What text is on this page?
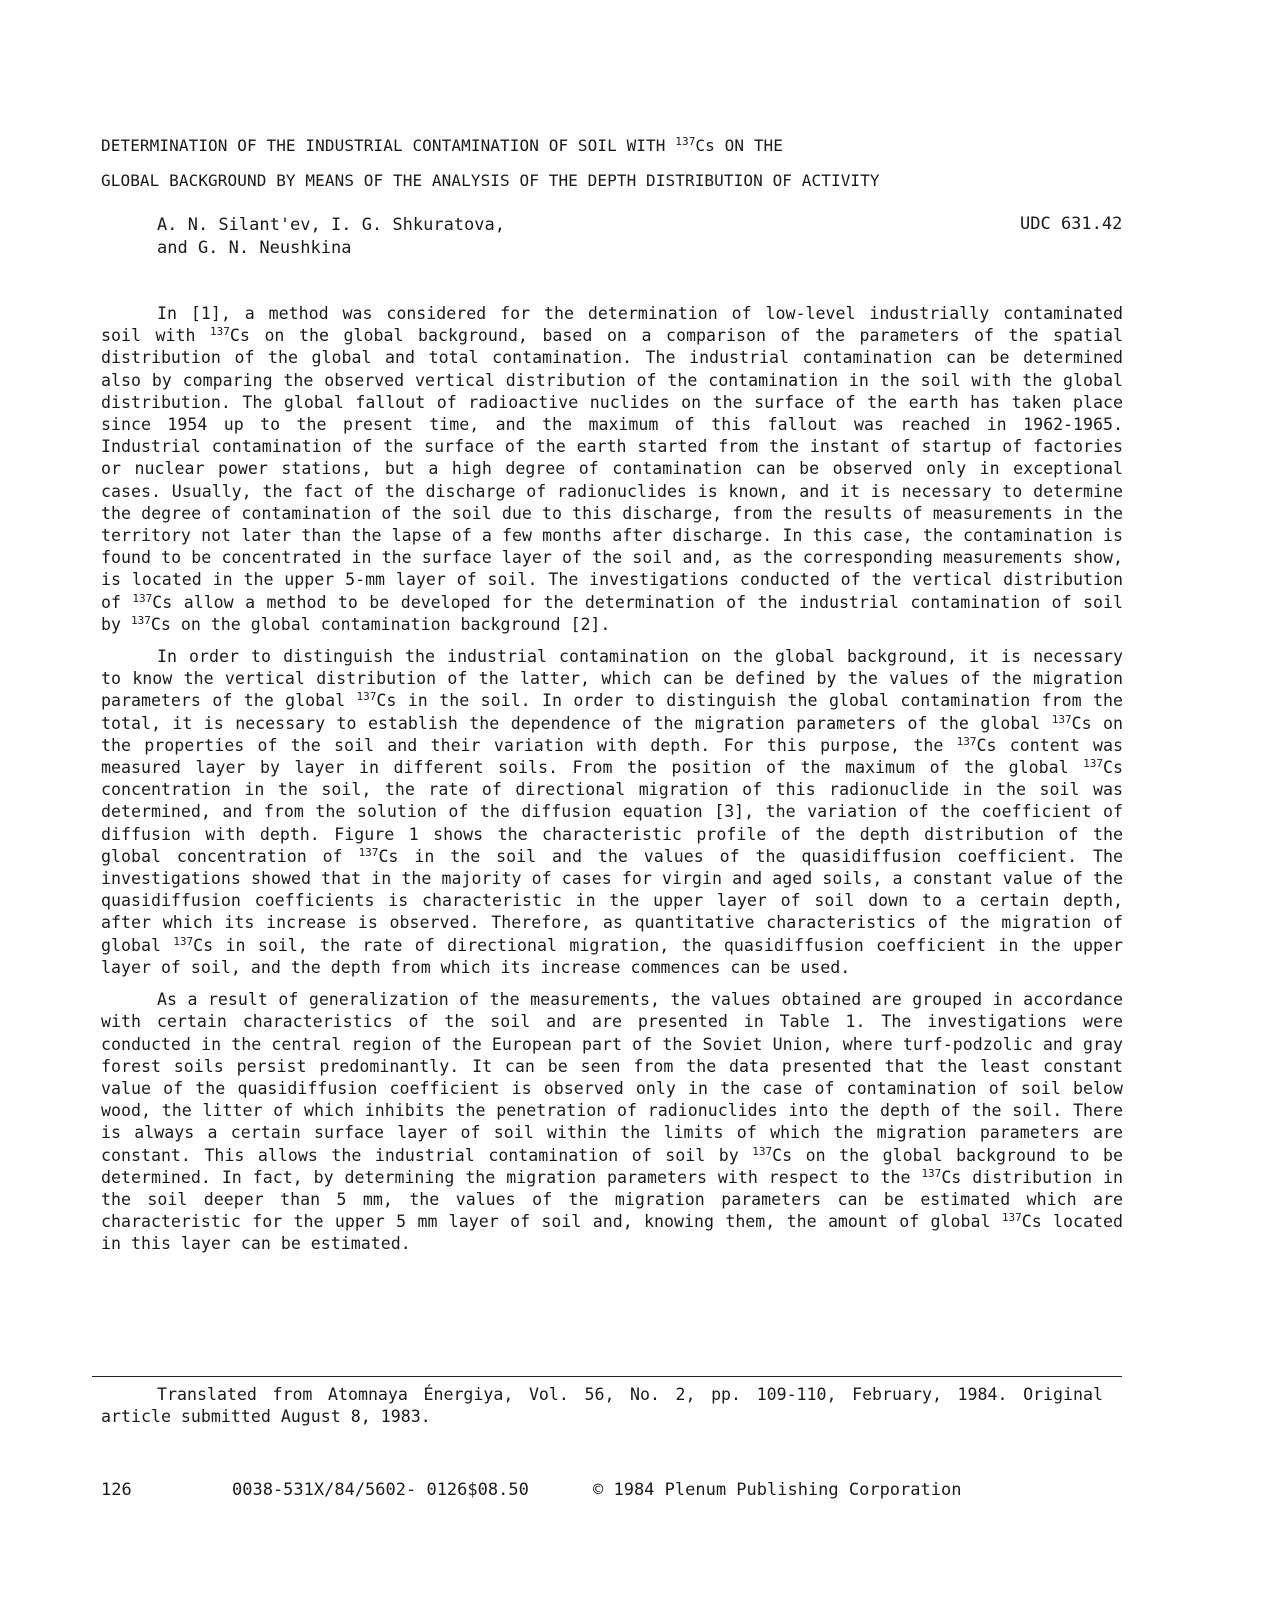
DETERMINATION OF THE INDUSTRIAL CONTAMINATION OF SOIL WITH $^{137}$Cs ON THE
GLOBAL BACKGROUND BY MEANS OF THE ANALYSIS OF THE DEPTH DISTRIBUTION OF ACTIVITY
A. N. Silant'ev, I. G. Shkuratova,
and G. N. Neushkina
UDC 631.42

In [1], a method was considered for the determination of low-level industrially contaminated soil with $^{137}$Cs on the global background, based on a comparison of the parameters of the spatial distribution of the global and total contamination. The industrial contamination can be determined also by comparing the observed vertical distribution of the contamination in the soil with the global distribution. The global fallout of radioactive nuclides on the surface of the earth has taken place since 1954 up to the present time, and the maximum of this fallout was reached in 1962-1965. Industrial contamination of the surface of the earth started from the instant of startup of factories or nuclear power stations, but a high degree of contamination can be observed only in exceptional cases. Usually, the fact of the discharge of radionuclides is known, and it is necessary to determine the degree of contamination of the soil due to this discharge, from the results of measurements in the territory not later than the lapse of a few months after discharge. In this case, the contamination is found to be concentrated in the surface layer of the soil and, as the corresponding measurements show, is located in the upper 5-mm layer of soil. The investigations conducted of the vertical distribution of $^{137}$Cs allow a method to be developed for the determination of the industrial contamination of soil by $^{137}$Cs on the global contamination background [2].

In order to distinguish the industrial contamination on the global background, it is necessary to know the vertical distribution of the latter, which can be defined by the values of the migration parameters of the global $^{137}$Cs in the soil. In order to distinguish the global contamination from the total, it is necessary to establish the dependence of the migration parameters of the global $^{137}$Cs on the properties of the soil and their variation with depth. For this purpose, the $^{137}$Cs content was measured layer by layer in different soils. From the position of the maximum of the global $^{137}$Cs concentration in the soil, the rate of directional migration of this radionuclide in the soil was determined, and from the solution of the diffusion equation [3], the variation of the coefficient of diffusion with depth. Figure 1 shows the characteristic profile of the depth distribution of the global concentration of $^{137}$Cs in the soil and the values of the quasidiffusion coefficient. The investigations showed that in the majority of cases for virgin and aged soils, a constant value of the quasidiffusion coefficients is characteristic in the upper layer of soil down to a certain depth, after which its increase is observed. Therefore, as quantitative characteristics of the migration of global $^{137}$Cs in soil, the rate of directional migration, the quasidiffusion coefficient in the upper layer of soil, and the depth from which its increase commences can be used.

As a result of generalization of the measurements, the values obtained are grouped in accordance with certain characteristics of the soil and are presented in Table 1. The investigations were conducted in the central region of the European part of the Soviet Union, where turf-podzolic and gray forest soils persist predominantly. It can be seen from the data presented that the least constant value of the quasidiffusion coefficient is observed only in the case of contamination of soil below wood, the litter of which inhibits the penetration of radionuclides into the depth of the soil. There is always a certain surface layer of soil within the limits of which the migration parameters are constant. This allows the industrial contamination of soil by $^{137}$Cs on the global background to be determined. In fact, by determining the migration parameters with respect to the $^{137}$Cs distribution in the soil deeper than 5 mm, the values of the migration parameters can be estimated which are characteristic for the upper 5 mm layer of soil and, knowing them, the amount of global $^{137}$Cs located in this layer can be estimated.

Translated from Atomnaya Énergiya, Vol. 56, No. 2, pp. 109-110, February, 1984. Original article submitted August 8, 1983.

126	0038-531X/84/5602- 0126$08.50	© 1984 Plenum Publishing Corporation
